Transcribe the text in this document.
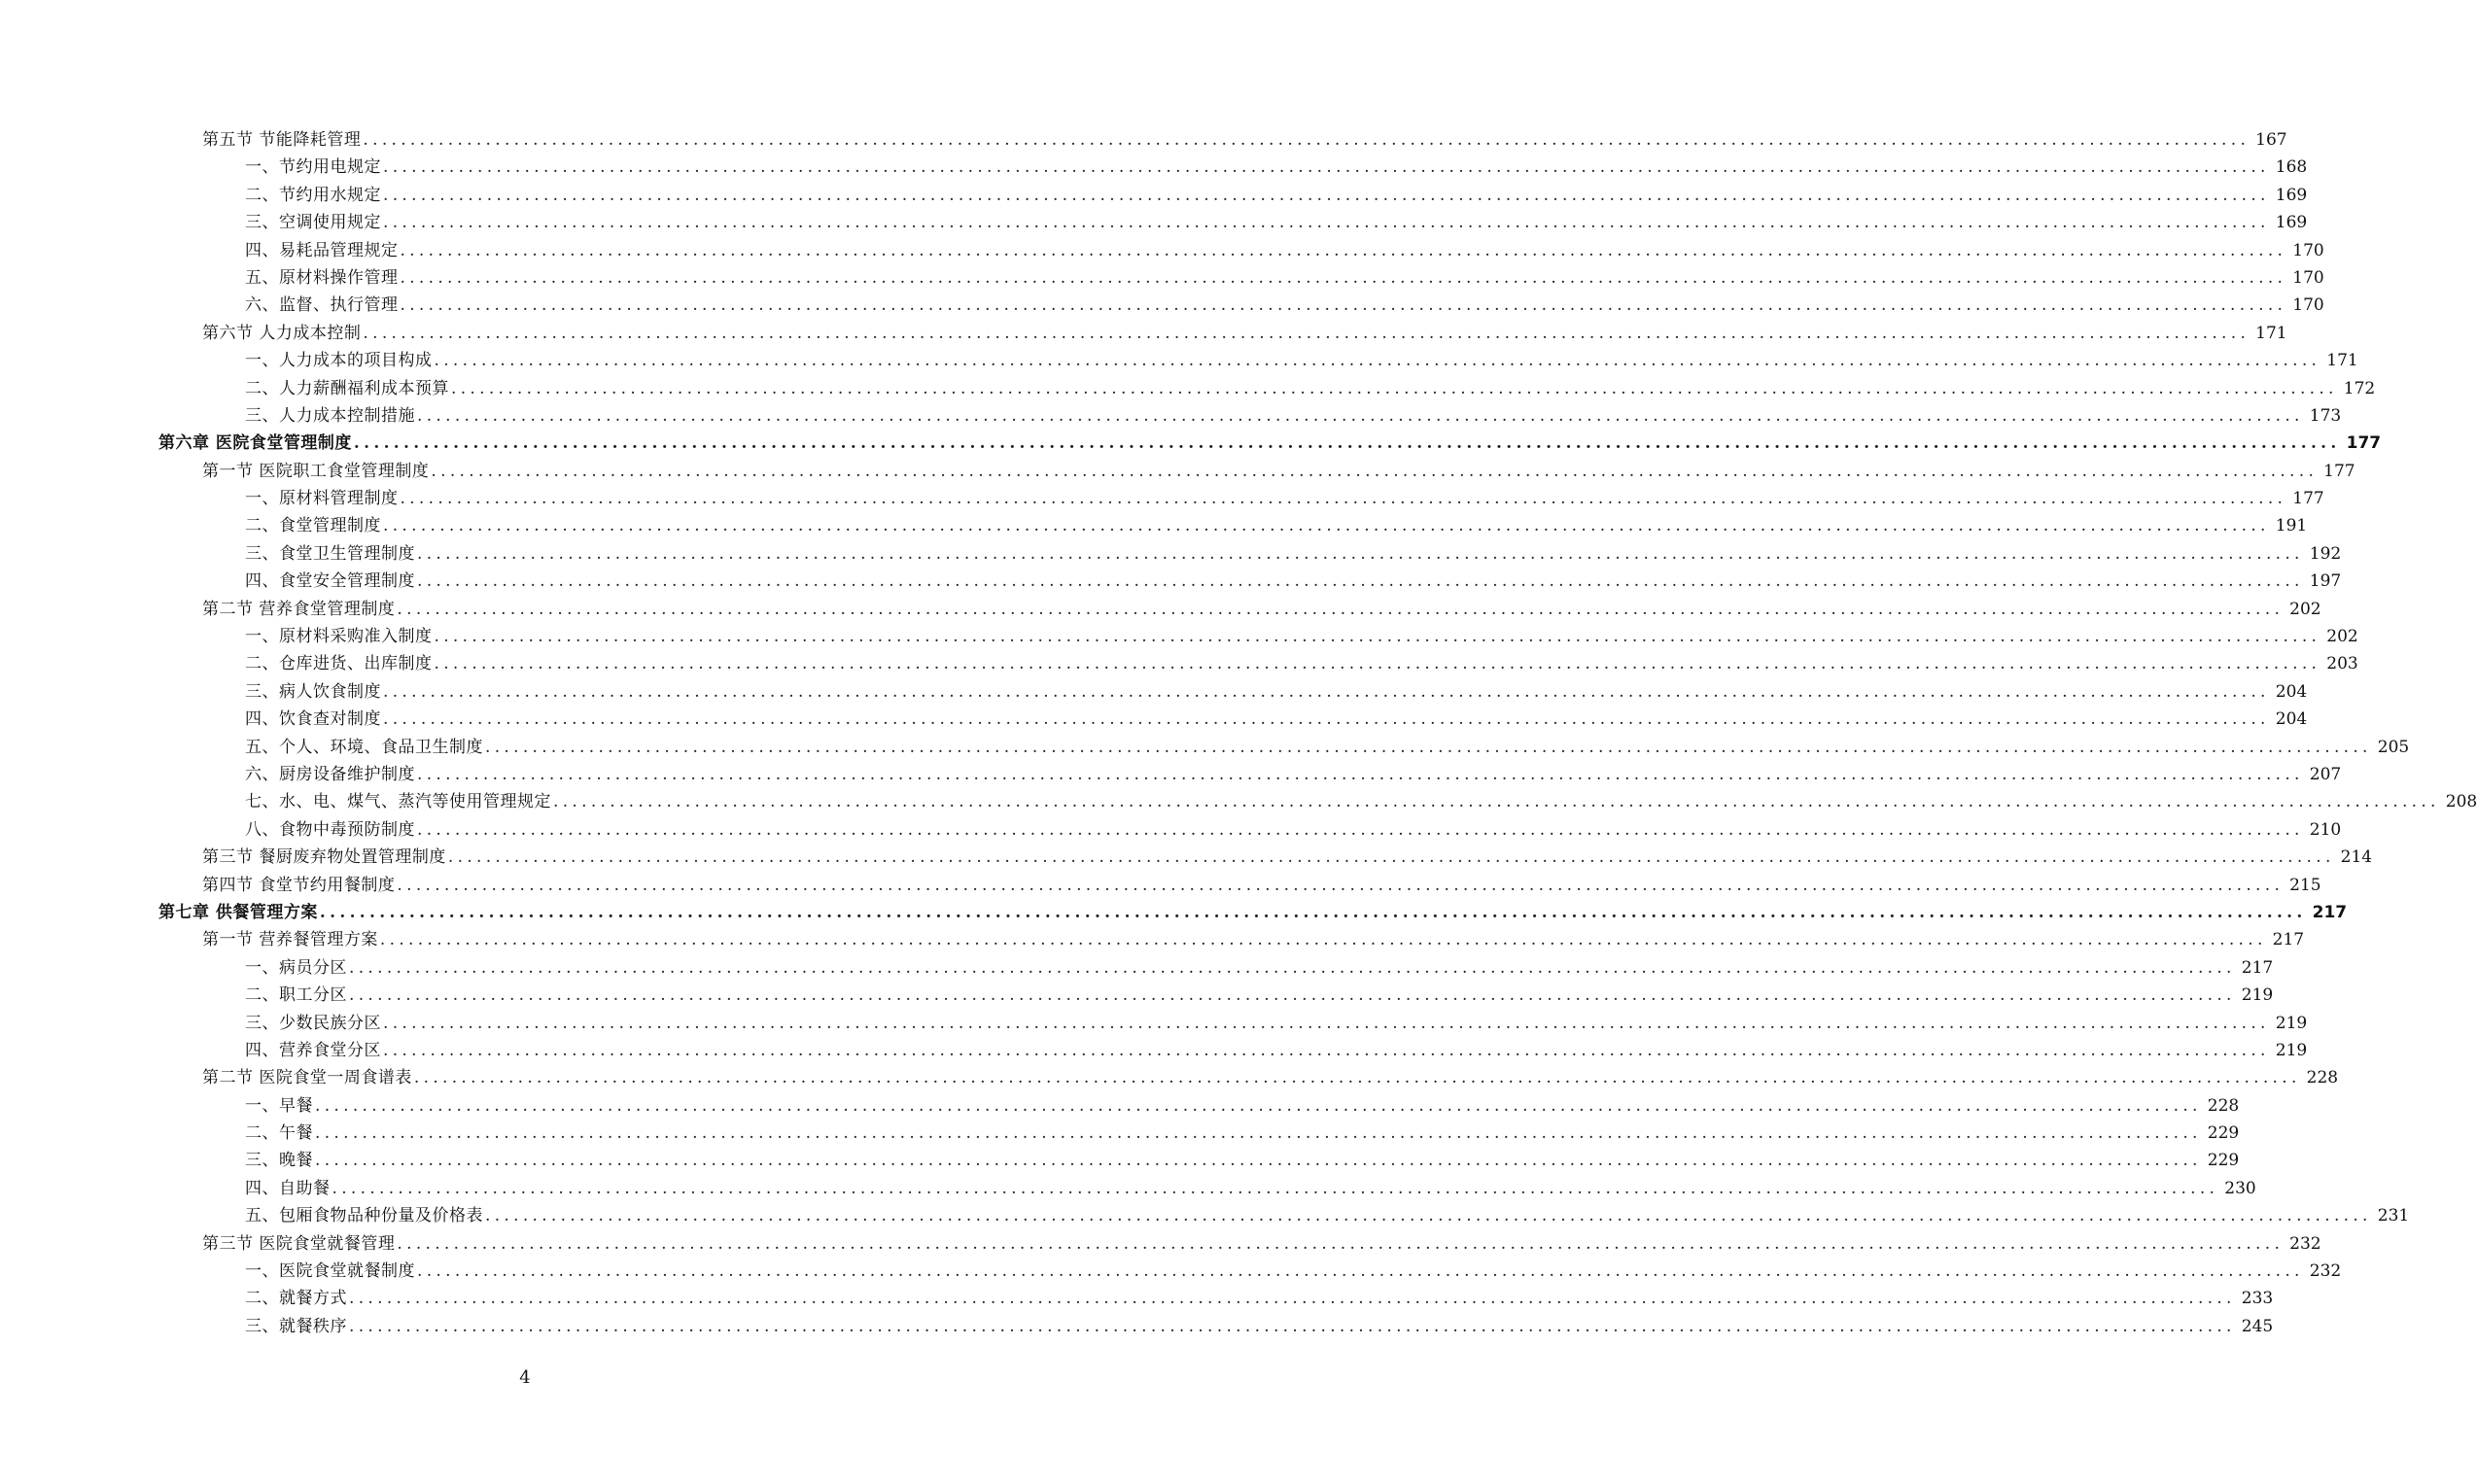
第五节 节能降耗管理 ........................................................................................................................................................................................................ 167
一、节约用电规定 ........................................................................................................................................................................................................ 168
二、节约用水规定 ........................................................................................................................................................................................................ 169
三、空调使用规定 ........................................................................................................................................................................................................ 169
四、易耗品管理规定 ........................................................................................................................................................................................................ 170
五、原材料操作管理 ........................................................................................................................................................................................................ 170
六、监督、执行管理 ........................................................................................................................................................................................................ 170
第六节 人力成本控制 ........................................................................................................................................................................................................ 171
一、人力成本的项目构成 ........................................................................................................................................................................................................ 171
二、人力薪酬福利成本预算 ........................................................................................................................................................................................................ 172
三、人力成本控制措施 ........................................................................................................................................................................................................ 173
第六章 医院食堂管理制度 ........................................................................................................................................................................................................ 177
第一节 医院职工食堂管理制度 ........................................................................................................................................................................................................ 177
一、原材料管理制度 ........................................................................................................................................................................................................ 177
二、食堂管理制度 ........................................................................................................................................................................................................ 191
三、食堂卫生管理制度 ........................................................................................................................................................................................................ 192
四、食堂安全管理制度 ........................................................................................................................................................................................................ 197
第二节 营养食堂管理制度 ........................................................................................................................................................................................................ 202
一、原材料采购准入制度 ........................................................................................................................................................................................................ 202
二、仓库进货、出库制度 ........................................................................................................................................................................................................ 203
三、病人饮食制度 ........................................................................................................................................................................................................ 204
四、饮食查对制度 ........................................................................................................................................................................................................ 204
五、个人、环境、食品卫生制度 ........................................................................................................................................................................................................ 205
六、厨房设备维护制度 ........................................................................................................................................................................................................ 207
七、水、电、煤气、蒸汽等使用管理规定 ........................................................................................................................................................................................................ 208
八、食物中毒预防制度 ........................................................................................................................................................................................................ 210
第三节 餐厨废弃物处置管理制度 ........................................................................................................................................................................................................ 214
第四节 食堂节约用餐制度 ........................................................................................................................................................................................................ 215
第七章 供餐管理方案 ........................................................................................................................................................................................................ 217
第一节 营养餐管理方案 ........................................................................................................................................................................................................ 217
一、病员分区 ........................................................................................................................................................................................................ 217
二、职工分区 ........................................................................................................................................................................................................ 219
三、少数民族分区 ........................................................................................................................................................................................................ 219
四、营养食堂分区 ........................................................................................................................................................................................................ 219
第二节 医院食堂一周食谱表 ........................................................................................................................................................................................................ 228
一、早餐 ........................................................................................................................................................................................................ 228
二、午餐 ........................................................................................................................................................................................................ 229
三、晚餐 ........................................................................................................................................................................................................ 229
四、自助餐 ........................................................................................................................................................................................................ 230
五、包厢食物品种份量及价格表 ........................................................................................................................................................................................................ 231
第三节 医院食堂就餐管理 ........................................................................................................................................................................................................ 232
一、医院食堂就餐制度 ........................................................................................................................................................................................................ 232
二、就餐方式 ........................................................................................................................................................................................................ 233
三、就餐秩序 ........................................................................................................................................................................................................ 245
4
